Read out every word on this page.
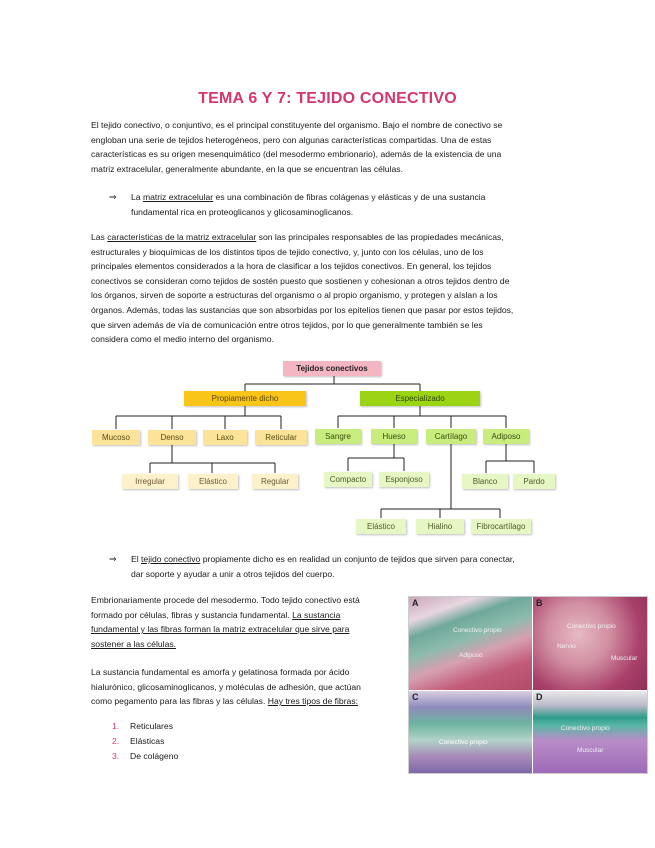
TEMA 6 Y 7: TEJIDO CONECTIVO
El tejido conectivo, o conjuntivo, es el principal constituyente del organismo. Bajo el nombre de conectivo se
engloban una serie de tejidos heterogéneos, pero con algunas características compartidas. Una de estas
características es su origen mesenquimático (del mesodermo embrionario), además de la existencia de una
matriz extracelular, generalmente abundante, en la que se encuentran las células.
⇒ La matriz extracelular es una combinación de fibras colágenas y elásticas y de una sustancia
fundamental rica en proteoglicanos y glicosaminoglicanos.
Las características de la matriz extracelular son las principales responsables de las propiedades mecánicas,
estructurales y bioquímicas de los distintos tipos de tejido conectivo, y, junto con los células, uno de los
principales elementos considerados a la hora de clasificar a los tejidos conectivos. En general, los tejidos
conectivos se consideran como tejidos de sostén puesto que sostienen y cohesionan a otros tejidos dentro de
los órganos, sirven de soporte a estructuras del organismo o al propio organismo, y protegen y aíslan a los
órganos. Además, todas las sustancias que son absorbidas por los epitelios tienen que pasar por estos tejidos,
que sirven además de vía de comunicación entre otros tejidos, por lo que generalmente también se les
considera como el medio interno del organismo.
Tejidos conectivos
Propiamente dicho	Especializado
Mucoso	Denso	Laxo	Reticular
Irregular	Elástico	Regular
Sangre	Hueso	Cartílago	Adiposo
Compacto	Esponjoso	Blanco	Pardo
Elástico	Hialino	Fibrocartílago
⇒ El tejido conectivo propiamente dicho es en realidad un conjunto de tejidos que sirven para conectar,
dar soporte y ayudar a unir a otros tejidos del cuerpo.
Embrionariamente procede del mesodermo. Todo tejido conectivo está
formado por células, fibras y sustancia fundamental. La sustancia
fundamental y las fibras forman la matriz extracelular que sirve para
sostener a las células.
La sustancia fundamental es amorfa y gelatinosa formada por ácido
hialurónico, glicosaminoglicanos, y moléculas de adhesión, que actúan
como pegamento para las fibras y las células. Hay tres tipos de fibras:
1. Reticulares
2. Elásticas
3. De colágeno
A
Conectivo propio
Adiposo
B
Conectivo propio
Nervio
Muscular
C
Conectivo propio
D
Conectivo propio
Muscular
